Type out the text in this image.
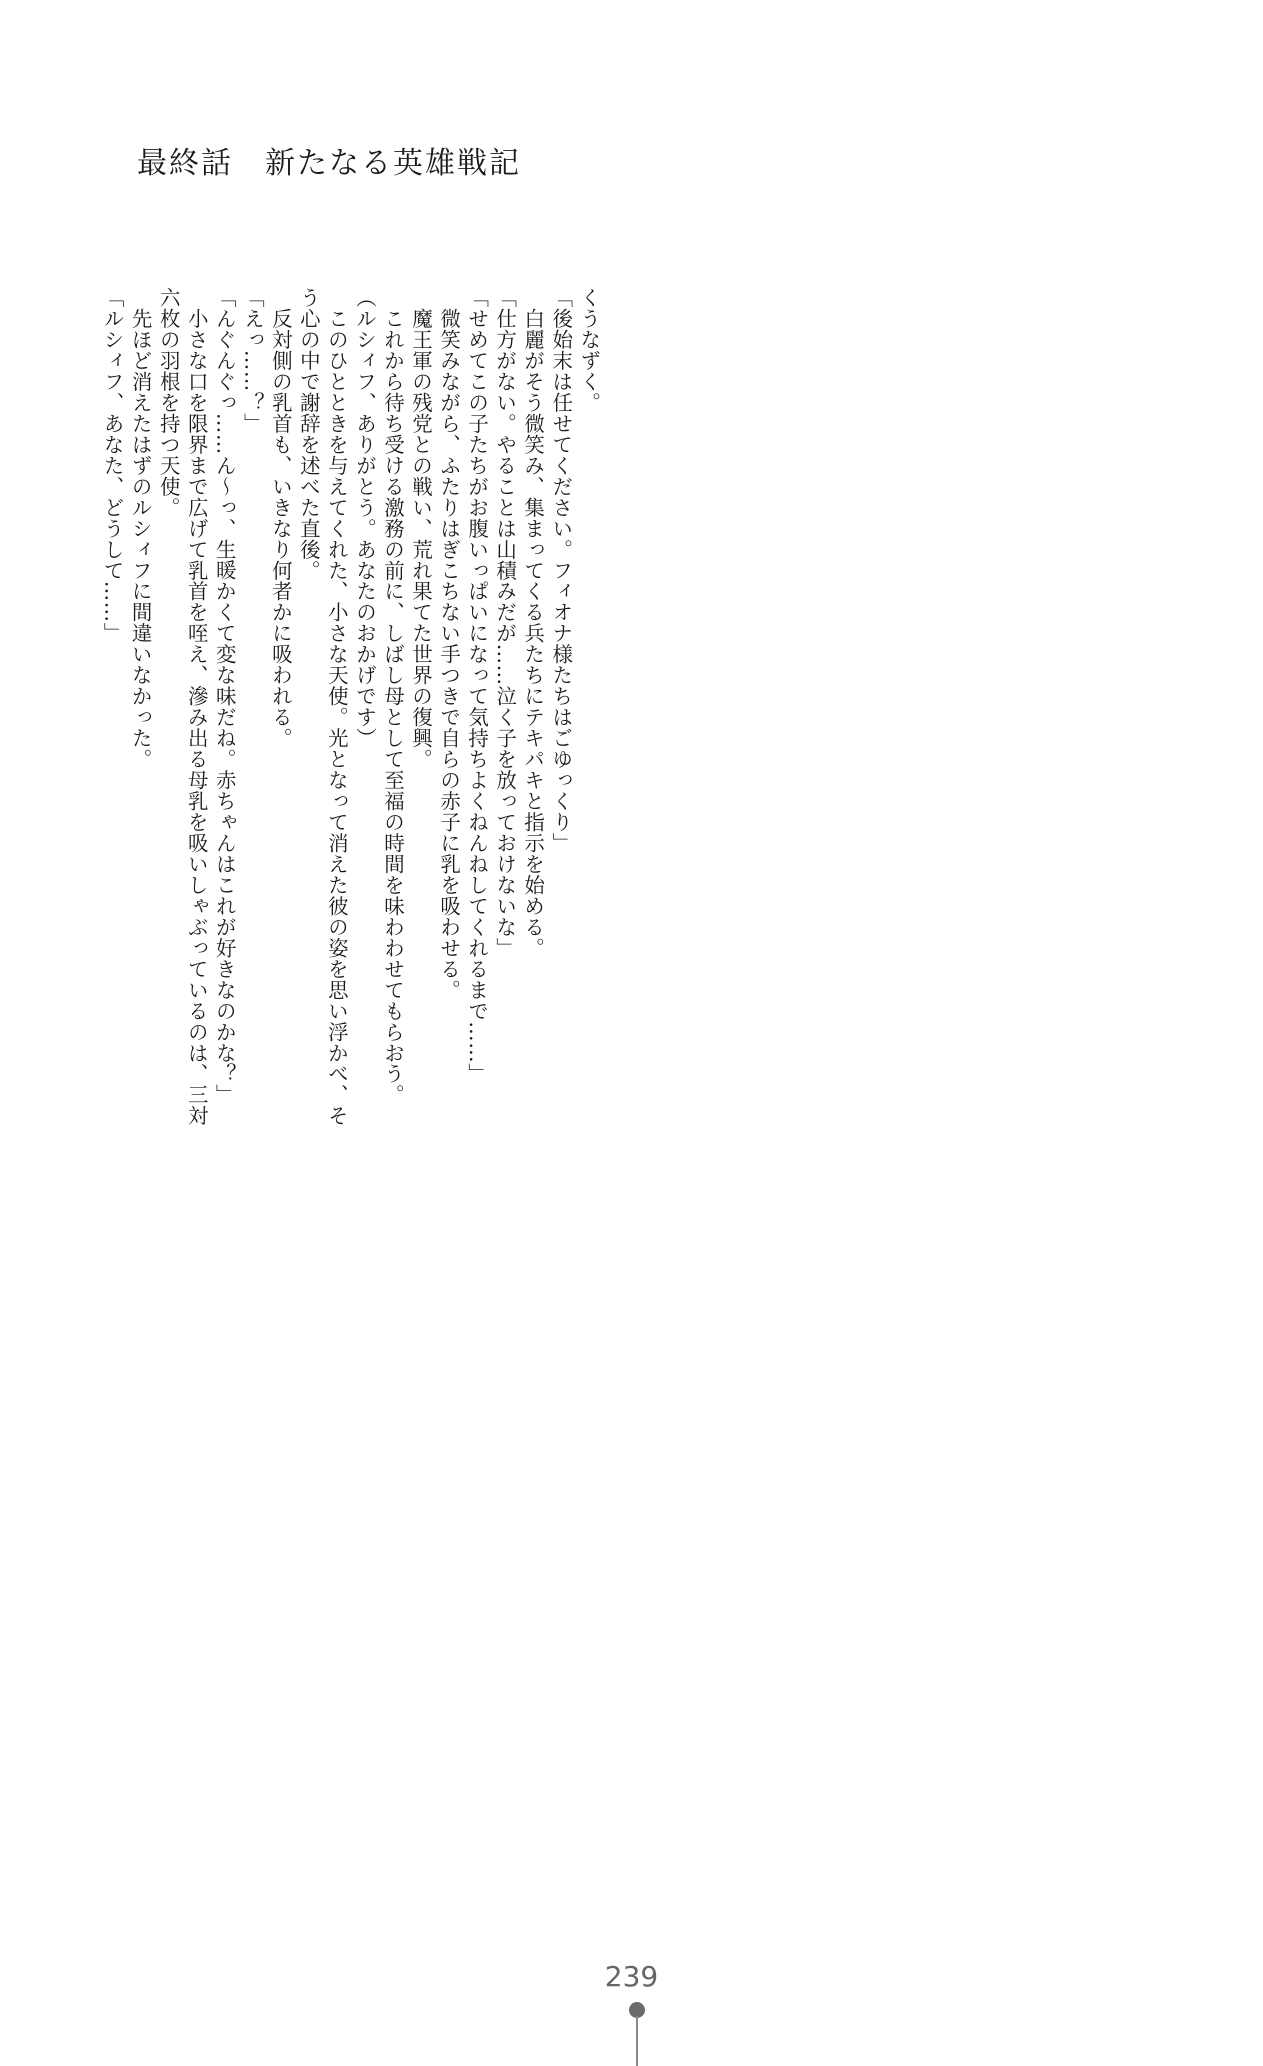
最終話　新たなる英雄戦記
くうなずく。
「後始末は任せてください。フィオナ様たちはごゆっくり」
　白麗がそう微笑み、集まってくる兵たちにテキパキと指示を始める。
「仕方がない。やることは山積みだが……泣く子を放っておけないな」
「せめてこの子たちがお腹いっぱいになって気持ちよくねんねしてくれるまで……」
　微笑みながら、ふたりはぎこちない手つきで自らの赤子に乳を吸わせる。
　魔王軍の残党との戦い、荒れ果てた世界の復興。
　これから待ち受ける激務の前に、しばし母として至福の時間を味わわせてもらおう。
（ルシィフ、ありがとう。あなたのおかげです）
　このひとときを与えてくれた、小さな天使。光となって消えた彼の姿を思い浮かべ、そ
う心の中で謝辞を述べた直後。
　反対側の乳首も、いきなり何者かに吸われる。
「えっ……？」
「んぐんぐっ……ん〜っ、生暖かくて変な味だね。赤ちゃんはこれが好きなのかな？」
　小さな口を限界まで広げて乳首を咥え、滲み出る母乳を吸いしゃぶっているのは、三対
六枚の羽根を持つ天使。
　先ほど消えたはずのルシィフに間違いなかった。
「ルシィフ、あなた、どうして……」
239
